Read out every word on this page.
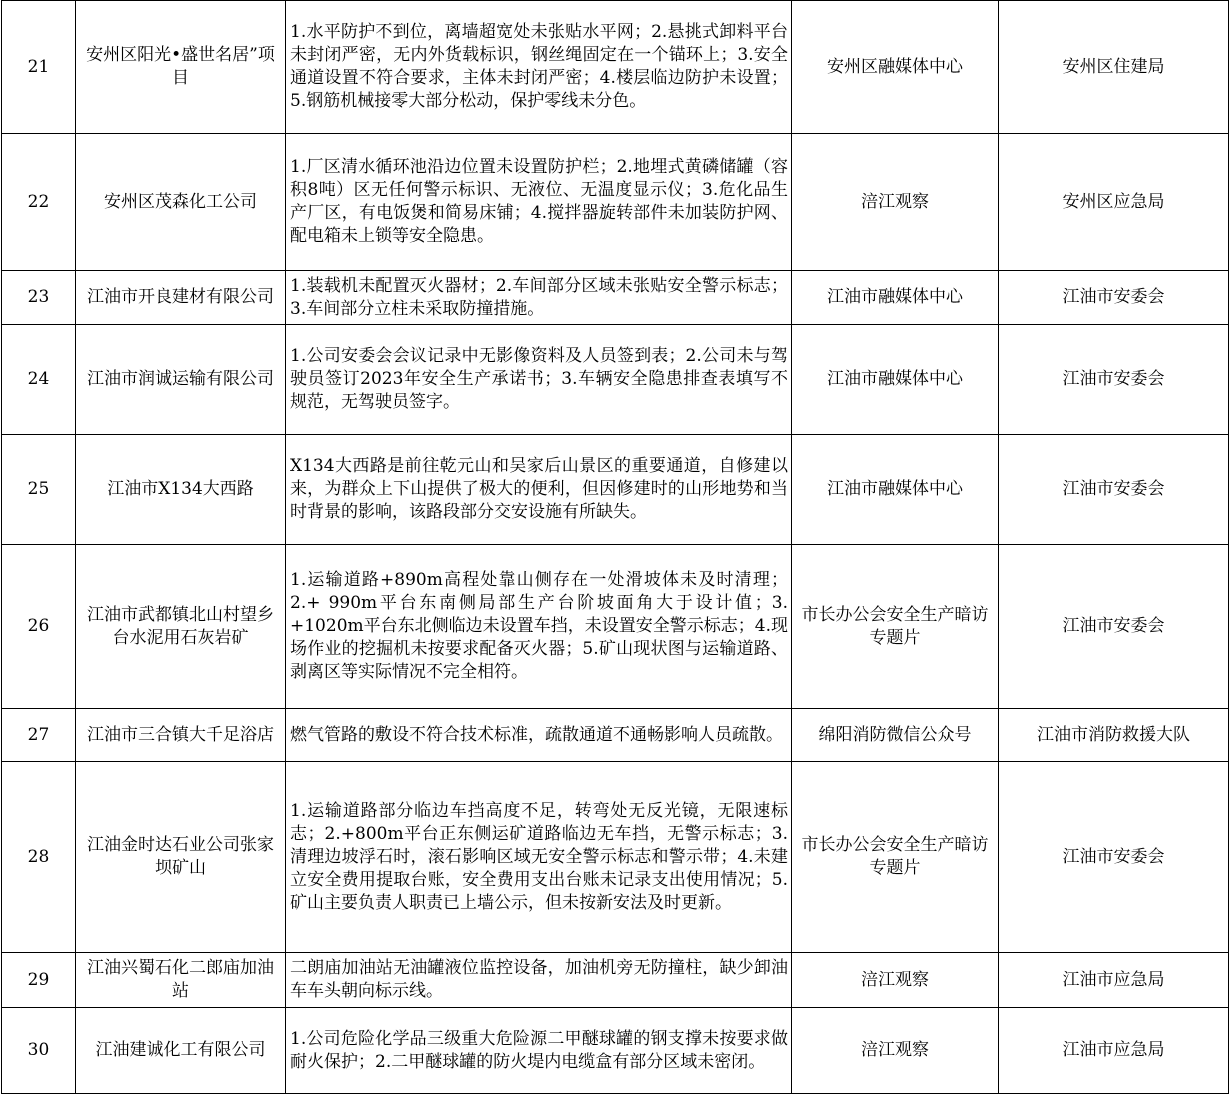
21	安州区阳光•盛世名居”项目	1.水平防护不到位，离墙超宽处未张贴水平网；2.悬挑式卸料平台未封闭严密，无内外货载标识，钢丝绳固定在一个锚环上；3.安全通道设置不符合要求，主体未封闭严密；4.楼层临边防护未设置；5.钢筋机械接零大部分松动，保护零线未分色。	安州区融媒体中心	安州区住建局
22	安州区茂森化工公司	1.厂区清水循环池沿边位置未设置防护栏；2.地埋式黄磷储罐（容积8吨）区无任何警示标识、无液位、无温度显示仪；3.危化品生产厂区，有电饭煲和简易床铺；4.搅拌器旋转部件未加装防护网、配电箱未上锁等安全隐患。	涪江观察	安州区应急局
23	江油市开良建材有限公司	1.装载机未配置灭火器材；2.车间部分区域未张贴安全警示标志；3.车间部分立柱未采取防撞措施。	江油市融媒体中心	江油市安委会
24	江油市润诚运输有限公司	1.公司安委会会议记录中无影像资料及人员签到表；2.公司未与驾驶员签订2023年安全生产承诺书；3.车辆安全隐患排查表填写不规范，无驾驶员签字。	江油市融媒体中心	江油市安委会
25	江油市X134大西路	X134大西路是前往乾元山和吴家后山景区的重要通道，自修建以来，为群众上下山提供了极大的便利，但因修建时的山形地势和当时背景的影响，该路段部分交安设施有所缺失。	江油市融媒体中心	江油市安委会
26	江油市武都镇北山村望乡台水泥用石灰岩矿	1.运输道路+890m高程处靠山侧存在一处滑坡体未及时清理；2.+ 990m平台东南侧局部生产台阶坡面角大于设计值；3. +1020m平台东北侧临边未设置车挡，未设置安全警示标志；4.现场作业的挖掘机未按要求配备灭火器；5.矿山现状图与运输道路、剥离区等实际情况不完全相符。	市长办公会安全生产暗访专题片	江油市安委会
27	江油市三合镇大千足浴店	燃气管路的敷设不符合技术标准，疏散通道不通畅影响人员疏散。	绵阳消防微信公众号	江油市消防救援大队
28	江油金时达石业公司张家坝矿山	1.运输道路部分临边车挡高度不足，转弯处无反光镜，无限速标志；2.+800m平台正东侧运矿道路临边无车挡，无警示标志；3.清理边坡浮石时，滚石影响区域无安全警示标志和警示带；4.未建立安全费用提取台账，安全费用支出台账未记录支出使用情况；5.矿山主要负责人职责已上墙公示，但未按新安法及时更新。	市长办公会安全生产暗访专题片	江油市安委会
29	江油兴蜀石化二郎庙加油站	二朗庙加油站无油罐液位监控设备，加油机旁无防撞柱，缺少卸油车车头朝向标示线。	涪江观察	江油市应急局
30	江油建诚化工有限公司	1.公司危险化学品三级重大危险源二甲醚球罐的钢支撑未按要求做耐火保护；2.二甲醚球罐的防火堤内电缆盒有部分区域未密闭。	涪江观察	江油市应急局
